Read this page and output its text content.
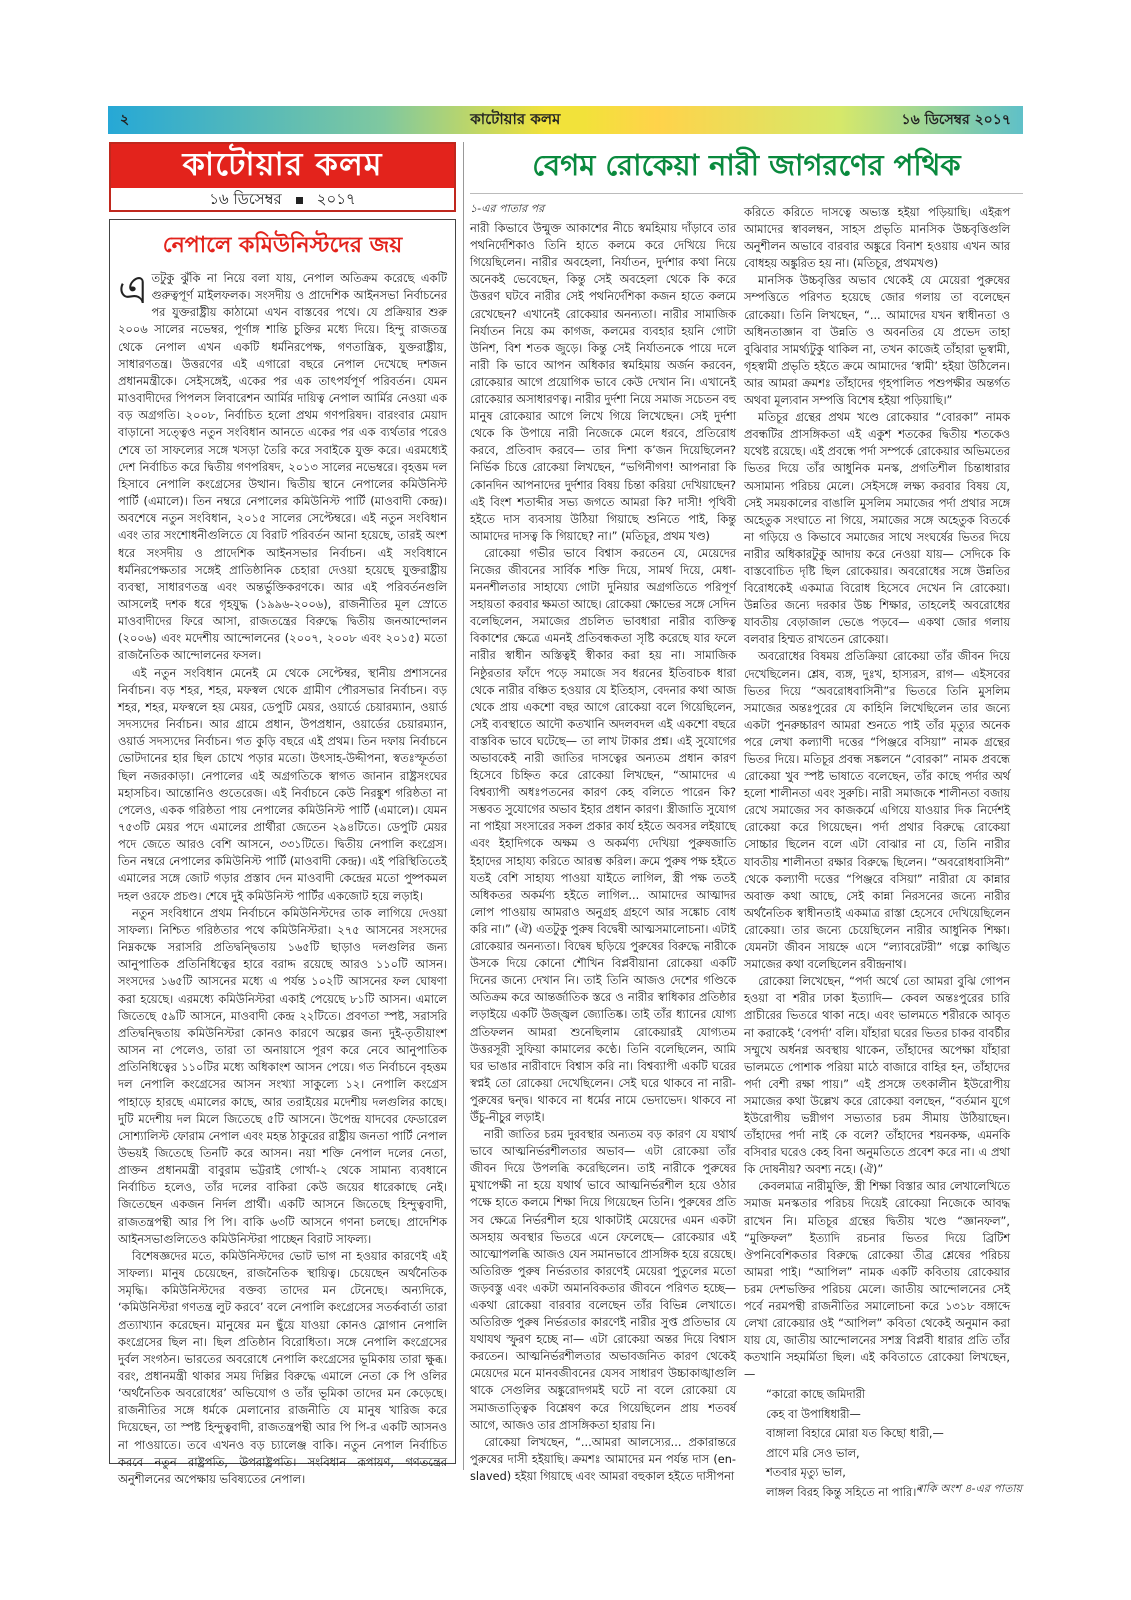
২	কাটোয়ার কলম	১৬ ডিসেম্বর ২০১৭
কাটোয়ার কলম
১৬ ডিসেম্বর ২০১৭
নেপালে কমিউনিস্টদের জয়

এতটুকু ঝুঁকি না নিয়ে বলা যায়, নেপাল অতিক্রম করেছে একটি গুরুত্বপূর্ণ মাইলফলক। সংসদীয় ও প্রাদেশিক আইনসভা নির্বাচনের পর যুক্তরাষ্ট্রীয় কাঠামো এখন বাস্তবের পথে। যে প্রক্রিয়ার শুরু ২০০৬ সালের নভেম্বর, পূর্ণাঙ্গ শান্তি চুক্তির মধ্যে দিয়ে। হিন্দু রাজতন্ত্র থেকে নেপাল এখন একটি ধর্মনিরপেক্ষ, গণতান্ত্রিক, যুক্তরাষ্ট্রীয়, সাধারণতন্ত্র। উত্তরণের এই এগারো বছরে নেপাল দেখেছে দশজন প্রধানমন্ত্রীকে। সেইসঙ্গেই, একের পর এক তাৎপর্যপূর্ণ পরিবর্তন। যেমন মাওবাদীদের পিপলস লিবারেশন আর্মির দায়িত্ব নেপাল আর্মির নেওয়া এক বড় অগ্রগতি। ২০০৮, নির্বাচিত হলো প্রথম গণপরিষদ। বারংবার মেয়াদ বাড়ানো সত্ত্বেও নতুন সংবিধান আনতে একের পর এক ব্যর্থতার পরেও শেষে তা সাফল্যের সঙ্গে খসড়া তৈরি করে সবাইকে যুক্ত করে। এরমধ্যেই দেশ নির্বাচিত করে দ্বিতীয় গণপরিষদ, ২০১৩ সালের নভেম্বরে। বৃহত্তম দল হিসাবে নেপালি কংগ্রেসের উত্থান। দ্বিতীয় স্থানে নেপালের কমিউনিস্ট পার্টি (এমালে)। তিন নম্বরে নেপালের কমিউনিস্ট পার্টি (মাওবাদী কেন্দ্র)। অবশেষে নতুন সংবিধান, ২০১৫ সালের সেপ্টেম্বরে। এই নতুন সংবিধান এবং তার সংশোধনীগুলিতে যে বিরাট পরিবর্তন আনা হয়েছে, তারই অংশ ধরে সংসদীয় ও প্রাদেশিক আইনসভার নির্বাচন। এই সংবিধানে ধর্মনিরপেক্ষতার সঙ্গেই প্রাতিষ্ঠানিক চেহারা দেওয়া হয়েছে যুক্তরাষ্ট্রীয় ব্যবস্থা, সাধারণতন্ত্র এবং অন্তর্ভুক্তিকরণকে। আর এই পরিবর্তনগুলি আসলেই দশক ধরে গৃহযুদ্ধ (১৯৯৬-২০০৬), রাজনীতির মূল স্রোতে মাওবাদীদের ফিরে আসা, রাজতন্ত্রের বিরুদ্ধে দ্বিতীয় জনআন্দোলন (২০০৬) এবং মদেশীয় আন্দোলনের (২০০৭, ২০০৮ এবং ২০১৫) মতো রাজনৈতিক আন্দোলনের ফসল।

এই নতুন সংবিধান মেনেই মে থেকে সেপ্টেম্বর, স্থানীয় প্রশাসনের নির্বাচন। বড় শহর, শহর, মফস্বল থেকে গ্রামীণ পৌরসভার নির্বাচন। বড় শহর, শহর, মফস্বলে হয় মেয়র, ডেপুটি মেয়র, ওয়ার্ডে চেয়ারম্যান, ওয়ার্ড সদস্যদের নির্বাচন। আর গ্রামে প্রধান, উপপ্রধান, ওয়ার্ডের চেয়ারম্যান, ওয়ার্ড সদস্যদের নির্বাচন। গত কুড়ি বছরে এই প্রথম। তিন দফায় নির্বাচনে ভোটদানের হার ছিল চোখে পড়ার মতো। উৎসাহ-উদ্দীপনা, স্বতঃস্ফূর্ততা ছিল নজরকাড়া। নেপালের এই অগ্রগতিকে স্বাগত জানান রাষ্ট্রসংঘের মহাসচিব। আন্তোনিও গুতেরেজ। এই নির্বাচনে কেউ নিরঙ্কুশ গরিষ্ঠতা না পেলেও, একক গরিষ্ঠতা পায় নেপালের কমিউনিস্ট পার্টি (এমালে)। যেমন ৭৫৩টি মেয়র পদে এমালের প্রার্থীরা জেতেন ২৯৪টিতে। ডেপুটি মেয়র পদে জেতে আরও বেশি আসনে, ৩৩১টিতে। দ্বিতীয় নেপালি কংগ্রেস। তিন নম্বরে নেপালের কমিউনিস্ট পার্টি (মাওবাদী কেন্দ্র)। এই পরিস্থিতিতেই এমালের সঙ্গে জোট গড়ার প্রস্তাব দেন মাওবাদী কেন্দ্রের মতো পুষ্পকমল দহল ওরফে প্রচণ্ড। শেষে দুই কমিউনিস্ট পার্টির একজোট হয়ে লড়াই।

নতুন সংবিধানে প্রথম নির্বাচনে কমিউনিস্টদের তাক লাগিয়ে দেওয়া সাফল্য। নিশ্চিত গরিষ্ঠতার পথে কমিউনিস্টরা। ২৭৫ আসনের সংসদের নিম্নকক্ষে সরাসরি প্রতিদ্বন্দ্বিতায় ১৬৫টি ছাড়াও দলগুলির জন্য আনুপাতিক প্রতিনিধিত্বের হারে বরাদ্দ রয়েছে আরও ১১০টি আসন। সংসদের ১৬৫টি আসনের মধ্যে এ পর্যন্ত ১০২টি আসনের ফল ঘোষণা করা হয়েছে। এরমধ্যে কমিউনিস্টরা একাই পেয়েছে ৮১টি আসন। এমালে জিতেছে ৫৯টি আসনে, মাওবাদী কেন্দ্র ২২টিতে। প্রবণতা স্পষ্ট, সরাসরি প্রতিদ্বন্দ্বিতায় কমিউনিস্টরা কোনও কারণে অল্পের জন্য দুই-তৃতীয়াংশ আসন না পেলেও, তারা তা অনায়াসে পূরণ করে নেবে আনুপাতিক প্রতিনিধিত্বের ১১০টির মধ্যে অধিকাংশ আসন পেয়ে। গত নির্বাচনে বৃহত্তম দল নেপালি কংগ্রেসের আসন সংখ্যা সাকুল্যে ১২। নেপালি কংগ্রেস পাহাড়ে হারছে এমালের কাছে, আর তরাইয়ের মদেশীয় দলগুলির কাছে। দুটি মদেশীয় দল মিলে জিতেছে ৫টি আসনে। উপেন্দ্র যাদবের ফেডারেল সোশ্যালিস্ট ফোরাম নেপাল এবং মহন্ত ঠাকুরের রাষ্ট্রীয় জনতা পার্টি নেপাল উভয়ই জিতেছে তিনটি করে আসন। নয়া শক্তি নেপাল দলের নেতা, প্রাক্তন প্রধানমন্ত্রী বাবুরাম ভট্টরাই গোর্খা-২ থেকে সামান্য ব্যবধানে নির্বাচিত হলেও, তাঁর দলের বাকিরা কেউ জয়ের ধারেকাছে নেই। জিতেছেন একজন নির্দল প্রার্থী। একটি আসনে জিতেছে হিন্দুত্ববাদী, রাজতন্ত্রপন্থী আর পি পি। বাকি ৬৩টি আসনে গণনা চলছে। প্রাদেশিক আইনসভাগুলিতেও কমিউনিস্টরা পাচ্ছেন বিরাট সাফল্য।

বিশেষজ্ঞদের মতে, কমিউনিস্টদের ভোট ভাগ না হওয়ার কারণেই এই সাফল্য। মানুষ চেয়েছেন, রাজনৈতিক স্থায়িত্ব। চেয়েছেন অর্থনৈতিক সমৃদ্ধি। কমিউনিস্টদের বক্তব্য তাদের মন টেনেছে। অন্যদিকে, ‘কমিউনিস্টরা গণতন্ত্র লুট করবে’ বলে নেপালি কংগ্রেসের সতর্কবার্তা তারা প্রত্যাখ্যান করেছেন। মানুষের মন ছুঁয়ে যাওয়া কোনও স্লোগান নেপালি কংগ্রেসের ছিল না। ছিল প্রতিষ্ঠান বিরোধিতা। সঙ্গে নেপালি কংগ্রেসের দুর্বল সংগঠন। ভারতের অবরোধে নেপালি কংগ্রেসের ভূমিকায় তারা ক্ষুব্ধ। বরং, প্রধানমন্ত্রী থাকার সময় দিল্লির বিরুদ্ধে এমালে নেতা কে পি ওলির ‘অর্থনৈতিক অবরোধের’ অভিযোগ ও তাঁর ভূমিকা তাদের মন কেড়েছে। রাজনীতির সঙ্গে ধর্মকে মেলানোর রাজনীতি যে মানুষ খারিজ করে দিয়েছেন, তা স্পষ্ট হিন্দুত্ববাদী, রাজতন্ত্রপন্থী আর পি পি-র একটি আসনও না পাওয়াতে। তবে এখনও বড় চ্যালেঞ্জ বাকি। নতুন নেপাল নির্বাচিত করবে নতুন রাষ্ট্রপতি, উপরাষ্ট্রপতি। সংবিধান রূপায়ণ, গণতন্ত্রের অনুশীলনের অপেক্ষায় ভবিষ্যতের নেপাল।

বেগম রোকেয়া নারী জাগরণের পথিক

১-এর পাতার পর

নারী কিভাবে উন্মুক্ত আকাশের নীচে স্বমহিমায় দাঁড়াবে তার পথনির্দেশিকাও তিনি হাতে কলমে করে দেখিয়ে দিয়ে গিয়েছিলেন। নারীর অবহেলা, নির্যাতন, দুর্দশার কথা নিয়ে অনেকই ভেবেছেন, কিন্তু সেই অবহেলা থেকে কি করে উত্তরণ ঘটবে নারীর সেই পথনির্দেশিকা কজন হাতে কলমে রেখেছেন? এখানেই রোকেয়ার অনন্যতা। নারীর সামাজিক নির্যাতন নিয়ে কম কাগজ, কলমের ব্যবহার হয়নি গোটা উনিশ, বিশ শতক জুড়ে। কিন্তু সেই নির্যাতনকে পায়ে দলে নারী কি ভাবে আপন অধিকার স্বমহিমায় অর্জন করবেন, রোকেয়ার আগে প্রয়োগিক ভাবে কেউ দেখান নি। এখানেই রোকেয়ার অসাধারণত্ব। নারীর দুর্দশা নিয়ে সমাজ সচেতন বহু মানুষ রোকেয়ার আগে লিখে গিয়ে লিখেছেন। সেই দুর্দশা থেকে কি উপায়ে নারী নিজেকে মেলে ধরবে, প্রতিরোধ করবে, প্রতিবাদ করবে— তার দিশা ক’জন দিয়েছিলেন? নির্ভিক চিত্তে রোকেয়া লিখছেন, “ভগিনীগণ! আপনারা কি কোনদিন আপনাদের দুর্দশার বিষয় চিন্তা করিয়া দেখিয়াছেন? এই বিংশ শতাব্দীর সভ্য জগতে আমরা কি? দাসী! পৃথিবী হইতে দাস ব্যবসায় উঠিয়া গিয়াছে শুনিতে পাই, কিন্তু আমাদের দাসত্ব কি গিয়াছে? না।” (মতিচূর, প্রথম খণ্ড)

রোকেয়া গভীর ভাবে বিশ্বাস করতেন যে, মেয়েদের নিজের জীবনের সার্বিক শক্তি দিয়ে, সামর্থ দিয়ে, মেধা-মননশীলতার সাহায্যে গোটা দুনিয়ার অগ্রগতিতে পরিপূর্ণ সহায়তা করবার ক্ষমতা আছে। রোকেয়া ক্ষোভের সঙ্গে সেদিন বলেছিলেন, সমাজের প্রচলিত ভাবধারা নারীর ব্যক্তিত্ব বিকাশের ক্ষেত্রে এমনই প্রতিবন্ধকতা সৃষ্টি করেছে যার ফলে নারীর স্বাধীন অস্তিত্বই স্বীকার করা হয় না। সামাজিক নিষ্ঠুরতার ফাঁদে পড়ে সমাজে সব ধরনের ইতিবাচক ধারা থেকে নারীর বঞ্চিত হওয়ার যে ইতিহাস, বেদনার কথা আজ থেকে প্রায় একশো বছর আগে রোকেয়া বলে গিয়েছিলেন, সেই ব্যবস্থাতে আদৌ কতখানি অদলবদল এই একশো বছরে বাস্তবিক ভাবে ঘটেছে— তা লাখ টাকার প্রশ্ন। এই সুযোগের অভাবকেই নারী জাতির দাসত্বের অন্যতম প্রধান কারণ হিসেবে চিহ্নিত করে রোকেয়া লিখছেন, “আমাদের এ বিশ্বব্যাপী অধঃপতনের কারণ কেহ বলিতে পারেন কি? সম্ভবত সুযোগের অভাব ইহার প্রধান কারণ। স্ত্রীজাতি সুযোগ না পাইয়া সংসারের সকল প্রকার কার্য হইতে অবসর লইয়াছে এবং ইহাদিগকে অক্ষম ও অকর্মণ্য দেখিয়া পুরুষজাতি ইহাদের সাহায্য করিতে আরম্ভ করিল। ক্রমে পুরুষ পক্ষ হইতে যতই বেশি সাহায্য পাওয়া যাইতে লাগিল, স্ত্রী পক্ষ ততই অধিকতর অকর্মণ্য হইতে লাগিল... আমাদের আত্মাদর লোপ পাওয়ায় আমরাও অনুগ্রহ গ্রহণে আর সঙ্কোচ বোধ করি না।” (ঐ) এতটুকু পুরুষ বিদ্বেষী আত্মসমালোচনা। এটাই রোকেয়ার অনন্যতা। বিদ্বেষ ছড়িয়ে পুরুষের বিরুদ্ধে নারীকে উসকে দিয়ে কোনো শৌখিন বিপ্লবীয়ানা রোকেয়া একটি দিনের জন্যে দেখান নি। তাই তিনি আজও দেশের গণ্ডিকে অতিক্রম করে আন্তর্জাতিক স্তরে ও নারীর স্বাধিকার প্রতিষ্ঠার লড়াইয়ে একটি উজ্জ্বল জ্যোতিষ্ক। তাই তাঁর ধ্যানের যোগ্য প্রতিফলন আমরা শুনেছিলাম রোকেয়ারই যোগ্যতম উত্তরসূরী সুফিয়া কামালের কণ্ঠে। তিনি বলেছিলেন, আমি ঘর ভাঙার নারীবাদে বিশ্বাস করি না। বিশ্বব্যাপী একটি ঘরের স্বপ্নই তো রোকেয়া দেখেছিলেন। সেই ঘরে থাকবে না নারী-পুরুষের দ্বন্দ্ব। থাকবে না ধর্মের নামে ভেদাভেদ। থাকবে না উঁচু-নীচুর লড়াই।

নারী জাতির চরম দুরবস্থার অন্যতম বড় কারণ যে যথার্থ ভাবে আত্মনির্ভরশীলতার অভাব— এটা রোকেয়া তাঁর জীবন দিয়ে উপলব্ধি করেছিলেন। তাই নারীকে পুরুষের মুখাপেক্ষী না হয়ে যথার্থ ভাবে আত্মনির্ভরশীল হয়ে ওঠার পক্ষে হাতে কলমে শিক্ষা দিয়ে গিয়েছেন তিনি। পুরুষের প্রতি সব ক্ষেত্রে নির্ভরশীল হয়ে থাকাটাই মেয়েদের এমন একটা অসহায় অবস্থার ভিতরে এনে ফেলেছে— রোকেয়ার এই আত্মোপলব্ধি আজও যেন সমানভাবে প্রাসঙ্গিক হয়ে রয়েছে। অতিরিক্ত পুরুষ নির্ভরতার কারণেই মেয়েরা পুতুলের মতো জড়বস্তু এবং একটা অমানবিকতার জীবনে পরিণত হচ্ছে— একথা রোকেয়া বারবার বলেছেন তাঁর বিভিন্ন লেখাতে। অতিরিক্ত পুরুষ নির্ভরতার কারণেই নারীর সুপ্ত প্রতিভার যে যথাযথ স্ফুরণ হচ্ছে না— এটা রোকেয়া অন্তর দিয়ে বিশ্বাস করতেন। আত্মনির্ভরশীলতার অভাবজনিত কারণ থেকেই মেয়েদের মনে মানবজীবনের যেসব সাধারণ উচ্চাকাঙ্খাগুলি থাকে সেগুলির অঙ্কুরোদগমই ঘটে না বলে রোকেয়া যে সমাজতাত্ত্বিক বিশ্লেষণ করে গিয়েছিলেন প্রায় শতবর্ষ আগে, আজও তার প্রাসঙ্গিকতা হারায় নি।

রোকেয়া লিখছেন, “...আমরা আলস্যের... প্রকারান্তরে পুরুষের দাসী হইয়াছি। ক্রমশঃ আমাদের মন পর্যন্ত দাস (en-slaved) হইয়া গিয়াছে এবং আমরা বহুকাল হইতে দাসীপনা

করিতে করিতে দাসত্বে অভ্যস্ত হইয়া পড়িয়াছি। এইরূপ আমাদের স্বাবলম্বন, সাহস প্রভৃতি মানসিক উচ্চবৃত্তিগুলি অনুশীলন অভাবে বারবার অঙ্কুরে বিনাশ হওয়ায় এখন আর বোধহয় অঙ্কুরিত হয় না। (মতিচূর, প্রথমখণ্ড)

মানসিক উচ্চবৃত্তির অভাব থেকেই যে মেয়েরা পুরুষের সম্পত্তিতে পরিণত হয়েছে জোর গলায় তা বলেছেন রোকেয়া। তিনি লিখছেন, “... আমাদের যখন স্বাধীনতা ও অধিনতাজ্ঞান বা উন্নতি ও অবনতির যে প্রভেদ তাহা বুঝিবার সামর্থ্যটুকু থাকিল না, তখন কাজেই তাঁহারা ভূস্বামী, গৃহস্বামী প্রভৃতি হইতে ক্রমে আমাদের ‘স্বামী’ হইয়া উঠিলেন। আর আমরা ক্রমশঃ তাঁহাদের গৃহপালিত পশুপক্ষীর অন্তর্গত অথবা মূল্যবান সম্পত্তি বিশেষ হইয়া পড়িয়াছি।”

মতিচূর গ্রন্থের প্রথম খণ্ডে রোকেয়ার “বোরকা” নামক প্রবন্ধটির প্রাসঙ্গিকতা এই একুশ শতকের দ্বিতীয় শতকেও যথেষ্ট রয়েছে। এই প্রবন্ধে পর্দা সম্পর্কে রোকেয়ার অভিমতের ভিতর দিয়ে তাঁর আধুনিক মনস্ক, প্রগতিশীল চিন্তাধারার অসামান্য পরিচয় মেলে। সেইসঙ্গে লক্ষ্য করবার বিষয় যে, সেই সময়কালের বাঙালি মুসলিম সমাজের পর্দা প্রথার সঙ্গে অহেতুক সংঘাতে না গিয়ে, সমাজের সঙ্গে অহেতুক বিতর্কে না গড়িয়ে ও কিভাবে সমাজের সাথে সংঘর্ষের ভিতর দিয়ে নারীর অধিকারটুকু আদায় করে নেওয়া যায়— সেদিকে কি বাস্তবোচিত দৃষ্টি ছিল রোকেয়ার। অবরোধের সঙ্গে উন্নতির বিরোধকেই একমাত্র বিরোধ হিসেবে দেখেন নি রোকেয়া। উন্নতির জন্যে দরকার উচ্চ শিক্ষার, তাহলেই অবরোধের যাবতীয় বেড়াজাল ভেঙে পড়বে— একথা জোর গলায় বলবার হিম্মত রাখতেন রোকেয়া।

অবরোধের বিষময় প্রতিক্রিয়া রোকেয়া তাঁর জীবন দিয়ে দেখেছিলেন। শ্লেষ, ব্যঙ্গ, দুঃখ, হাস্যরস, রাগ— এইসবের ভিতর দিয়ে “অবরোধবাসিনী”র ভিতরে তিনি মুসলিম সমাজের অন্তঃপুরের যে কাহিনি লিখেছিলেন তার জন্যে একটা পুনরুচ্চারণ আমরা শুনতে পাই তাঁর মৃত্যুর অনেক পরে লেখা কল্যাণী দত্তের “পিঞ্জরে বসিয়া” নামক গ্রন্থের ভিতর দিয়ে। মতিচূর প্রবন্ধ সঙ্কলনে “বোরকা” নামক প্রবন্ধে রোকেয়া খুব স্পষ্ট ভাষাতে বলেছেন, তাঁর কাছে পর্দার অর্থ হলো শালীনতা এবং সুরুচি। নারী সমাজকে শালীনতা বজায় রেখে সমাজের সব কাজকর্মে এগিয়ে যাওয়ার দিক নির্দেশই রোকেয়া করে গিয়েছেন। পর্দা প্রথার বিরুদ্ধে রোকেয়া সোচ্চার ছিলেন বলে এটা বোঝার না যে, তিনি নারীর যাবতীয় শালীনতা রক্ষার বিরুদ্ধে ছিলেন। “অবরোধবাসিনী” থেকে কল্যাণী দত্তের “পিঞ্জরে বসিয়া” নারীরা যে কান্নার অবাক্ত কথা আছে, সেই কান্না নিরসনের জন্যে নারীর অর্থনৈতিক স্বাধীনতাই একমাত্র রাস্তা হেসেবে দেখিয়েছিলেন রোকেয়া। তার জন্যে চেয়েছিলেন নারীর আধুনিক শিক্ষা। যেমনটা জীবন সায়হ্নে এসে “ল্যাবরেটরী” গল্পে কাঙ্খিত সমাজের কথা বলেছিলেন রবীন্দ্রনাথ।

রোকেয়া লিখেছেন, “পর্দা অর্থে তো আমরা বুঝি গোপন হওয়া বা শরীর ঢাকা ইত্যাদি— কেবল অন্তঃপুরের চারি প্রাচীরের ভিতরে থাকা নহে। এবং ভালমতে শরীরকে আবৃত না করাকেই ‘বেপর্দা’ বলি। যাঁহারা ঘরের ভিতর চাকর বাবর্চীর সম্মুখে অর্ধনগ্ন অবস্থায় থাকেন, তাঁহাদের অপেক্ষা যাঁহারা ভালমতে পোশাক পরিয়া মাঠে বাজারে বাহির হন, তাঁহাদের পর্দা বেশী রক্ষা পায়।” এই প্রসঙ্গে তৎকালীন ইউরোপীয় সমাজের কথা উল্লেখ করে রোকেয়া বলছেন, “বর্তমান যুগে ইউরোপীয় ভগ্নীগণ সভ্যতার চরম সীমায় উঠিয়াছেন। তাঁহাদের পর্দা নাই কে বলে? তাঁহাদের শয়নকক্ষ, এমনকি বসিবার ঘরেও কেহ বিনা অনুমতিতে প্রবেশ করে না। এ প্রথা কি দোষনীয়? অবশ্য নহে। (ঐ)”

কেবলমাত্র নারীমুক্তি, স্ত্রী শিক্ষা বিস্তার আর লেখালেখিতে সমাজ মনস্কতার পরিচয় দিয়েই রোকেয়া নিজেকে আবদ্ধ রাখেন নি। মতিচূর গ্রন্থের দ্বিতীয় খণ্ডে “জ্ঞানফল”, “মুক্তিফল” ইত্যাদি রচনার ভিতর দিয়ে ব্রিটিশ ঔপনিবেশিকতার বিরুদ্ধে রোকেয়া তীব্র শ্লেষের পরিচয় আমরা পাই। “আপিল” নামক একটি কবিতায় রোকেয়ার চরম দেশভক্তির পরিচয় মেলে। জাতীয় আন্দোলনের সেই পর্বে নরমপন্থী রাজনীতির সমালোচনা করে ১৩১৮ বঙ্গাব্দে লেখা রোকেয়ার ওই “আপিল” কবিতা থেকেই অনুমান করা যায় যে, জাতীয় আন্দোলনের সশস্ত্র বিপ্লবী ধারার প্রতি তাঁর কতখানি সহমর্মিতা ছিল। এই কবিতাতে রোকেয়া লিখছেন,—

“কারো কাছে জমিদারী
কেহ বা উপাধিধারী—
বাঙ্গালা বিহারে মোরা যত কিছো ধারী,—
প্রাণে মরি সেও ভাল,
শতবার মৃত্যু ভাল,
লাঙ্গল বিরহ কিন্তু সহিতে না পারি।”
বাকি অংশ ৪-এর পাতায়
